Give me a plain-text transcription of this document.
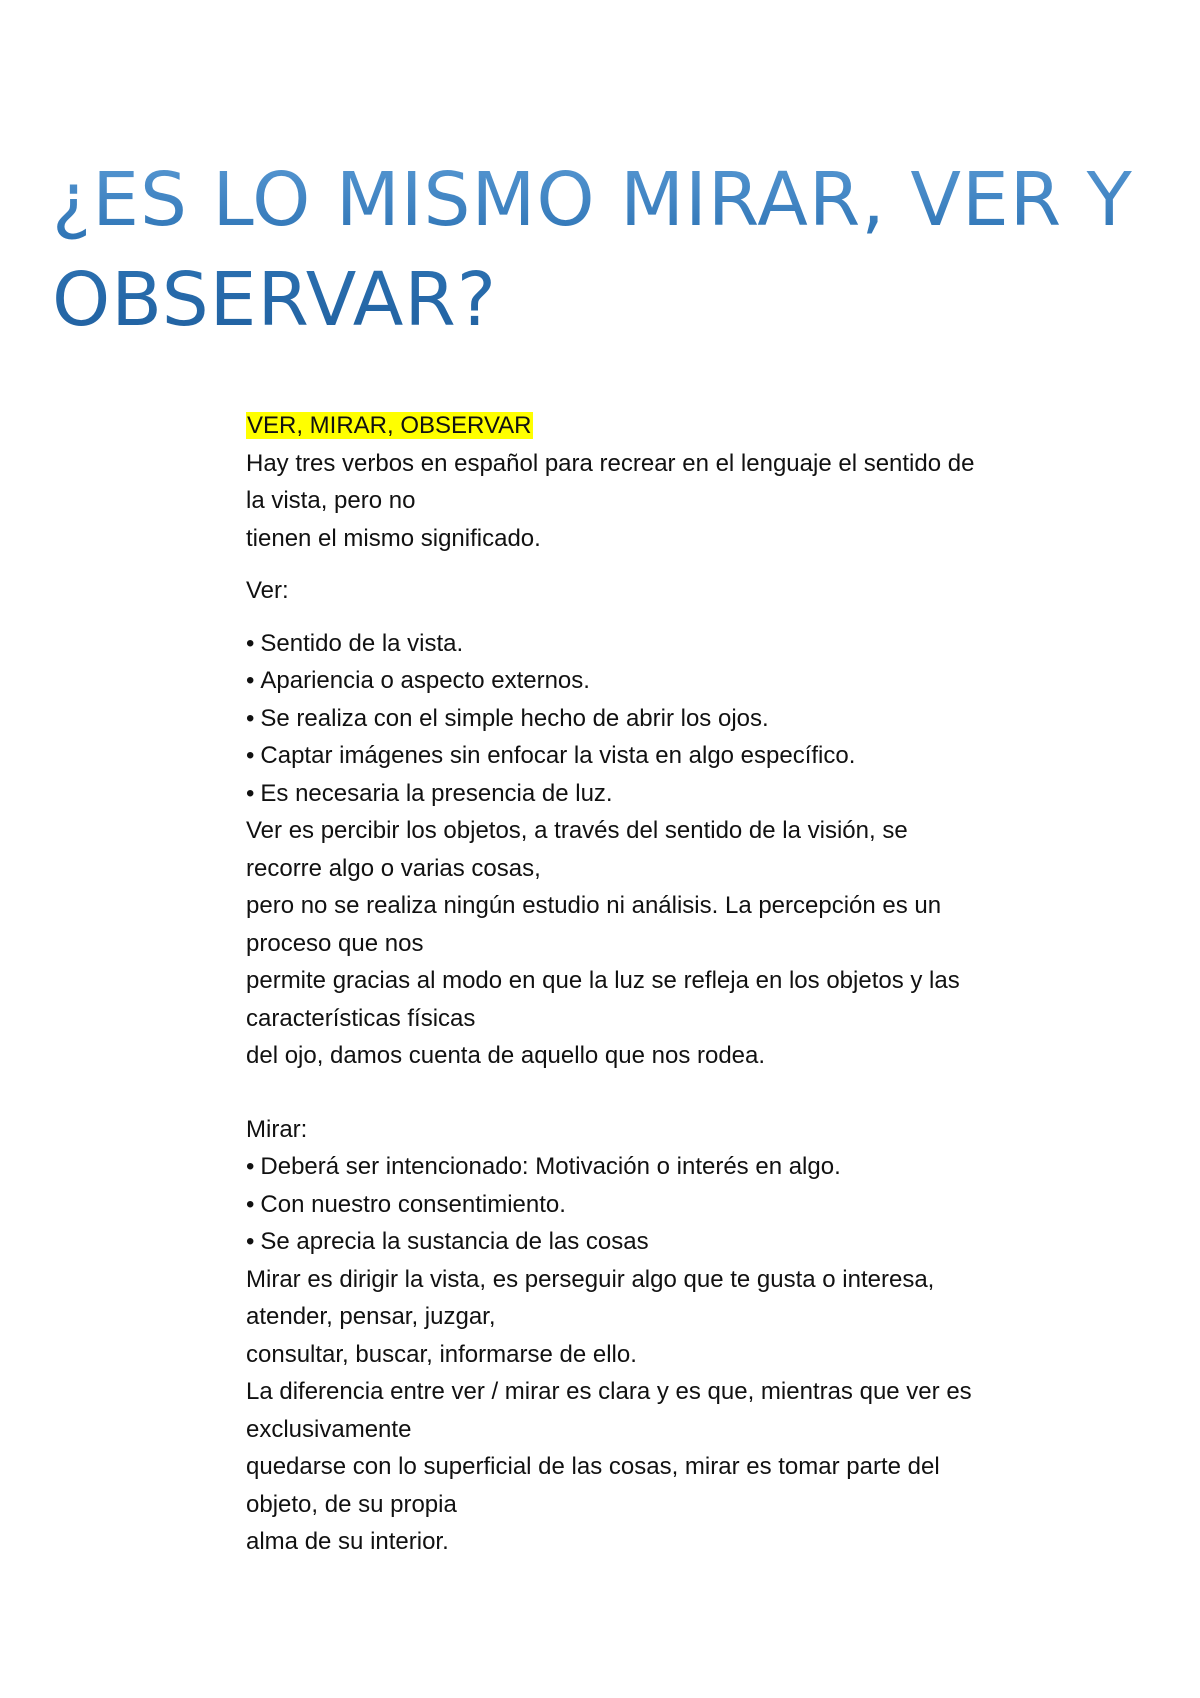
¿ES LO MISMO MIRAR, VER Y
OBSERVAR?
VER, MIRAR, OBSERVAR
Hay tres verbos en español para recrear en el lenguaje el sentido de
la vista, pero no
tienen el mismo significado.
Ver:
• Sentido de la vista.
• Apariencia o aspecto externos.
• Se realiza con el simple hecho de abrir los ojos.
• Captar imágenes sin enfocar la vista en algo específico.
• Es necesaria la presencia de luz.
Ver es percibir los objetos, a través del sentido de la visión, se
recorre algo o varias cosas,
pero no se realiza ningún estudio ni análisis. La percepción es un
proceso que nos
permite gracias al modo en que la luz se refleja en los objetos y las
características físicas
del ojo, damos cuenta de aquello que nos rodea.
Mirar:
• Deberá ser intencionado: Motivación o interés en algo.
• Con nuestro consentimiento.
• Se aprecia la sustancia de las cosas
Mirar es dirigir la vista, es perseguir algo que te gusta o interesa,
atender, pensar, juzgar,
consultar, buscar, informarse de ello.
La diferencia entre ver / mirar es clara y es que, mientras que ver es
exclusivamente
quedarse con lo superficial de las cosas, mirar es tomar parte del
objeto, de su propia
alma de su interior.
